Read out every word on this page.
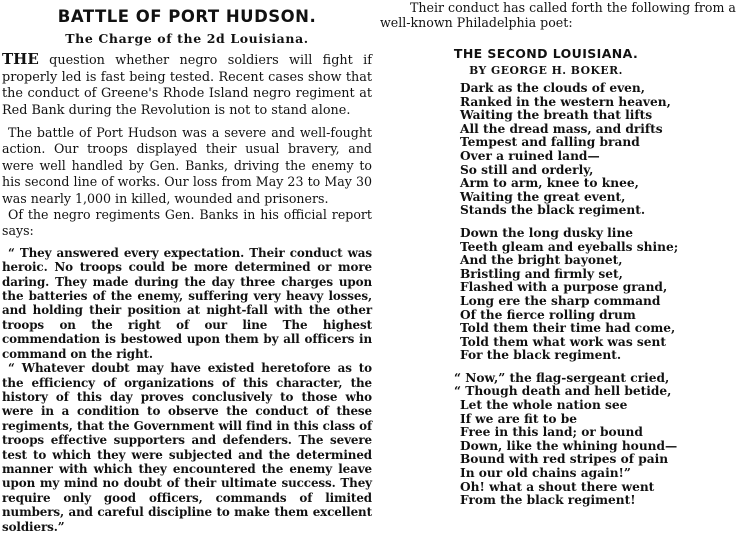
BATTLE OF PORT HUDSON.
The Charge of the 2d Louisiana.

THE question whether negro soldiers will fight if properly led is fast being tested. Recent cases show that the conduct of Greene's Rhode Island negro regiment at Red Bank during the Revolution is not to stand alone.

The battle of Port Hudson was a severe and well-fought action. Our troops displayed their usual bravery, and were well handled by Gen. Banks, driving the enemy to his second line of works. Our loss from May 23 to May 30 was nearly 1,000 in killed, wounded and prisoners.

Of the negro regiments Gen. Banks in his official report says:

“ They answered every expectation. Their conduct was heroic. No troops could be more determined or more daring. They made during the day three charges upon the batteries of the enemy, suffering very heavy losses, and holding their position at night-fall with the other troops on the right of our line The highest commendation is bestowed upon them by all officers in command on the right.

“ Whatever doubt may have existed heretofore as to the efficiency of organizations of this character, the history of this day proves conclusively to those who were in a condition to observe the conduct of these regiments, that the Government will find in this class of troops effective supporters and defenders. The severe test to which they were subjected and the determined manner with which they encountered the enemy leave upon my mind no doubt of their ultimate success. They require only good officers, commands of limited numbers, and careful discipline to make them excellent soldiers.”

Their conduct has called forth the following from a well-known Philadelphia poet:

THE SECOND LOUISIANA.
BY GEORGE H. BOKER.
Dark as the clouds of even,
Ranked in the western heaven,
Waiting the breath that lifts
All the dread mass, and drifts
Tempest and falling brand
Over a ruined land—
So still and orderly,
Arm to arm, knee to knee,
Waiting the great event,
Stands the black regiment.
Down the long dusky line
Teeth gleam and eyeballs shine;
And the bright bayonet,
Bristling and firmly set,
Flashed with a purpose grand,
Long ere the sharp command
Of the fierce rolling drum
Told them their time had come,
Told them what work was sent
For the black regiment.
“ Now,” the flag-sergeant cried,
“ Though death and hell betide,
Let the whole nation see
If we are fit to be
Free in this land; or bound
Down, like the whining hound—
Bound with red stripes of pain
In our old chains again!”
Oh! what a shout there went
From the black regiment!
